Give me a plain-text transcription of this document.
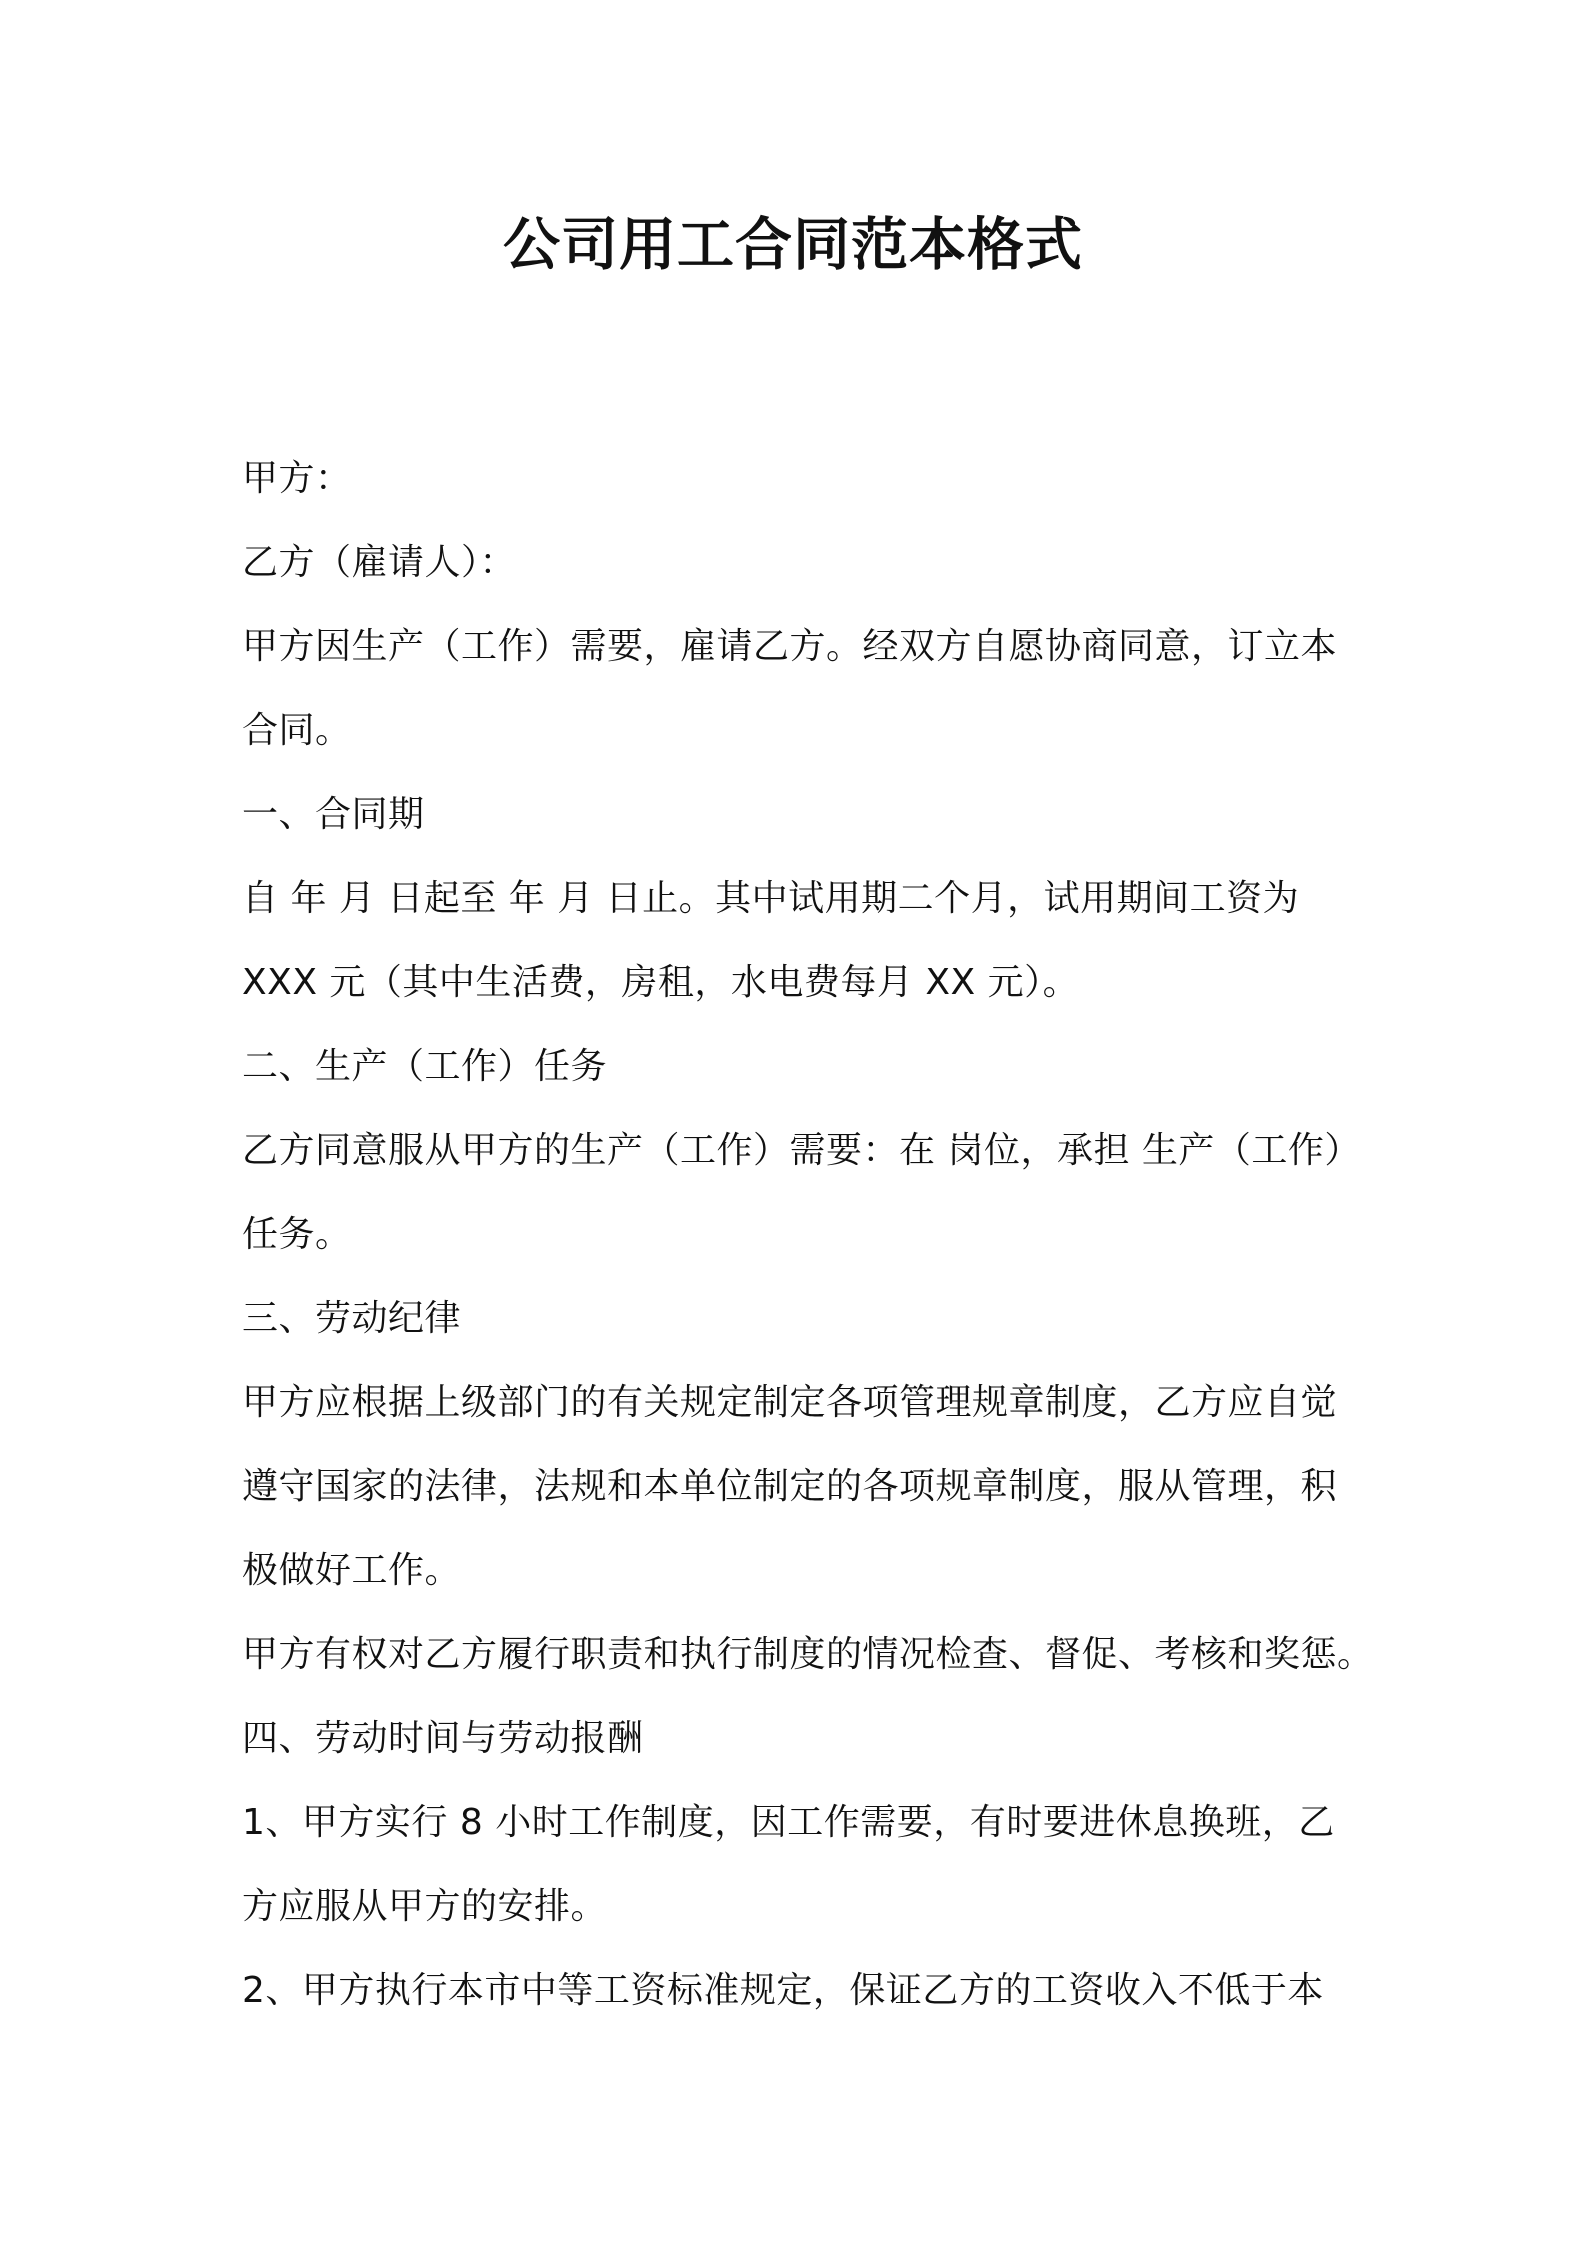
公司用工合同范本格式
甲方：
乙方（雇请人）：
甲方因生产（工作）需要，雇请乙方。经双方自愿协商同意，订立本
合同。
一、合同期
自 年 月 日起至 年 月 日止。其中试用期二个月，试用期间工资为
XXX 元（其中生活费，房租，水电费每月 XX 元）。
二、生产（工作）任务
乙方同意服从甲方的生产（工作）需要：在 岗位，承担 生产（工作）
任务。
三、劳动纪律
甲方应根据上级部门的有关规定制定各项管理规章制度，乙方应自觉
遵守国家的法律，法规和本单位制定的各项规章制度，服从管理，积
极做好工作。
甲方有权对乙方履行职责和执行制度的情况检查、督促、考核和奖惩。
四、劳动时间与劳动报酬
1、甲方实行 8 小时工作制度，因工作需要，有时要进休息换班，乙
方应服从甲方的安排。
2、甲方执行本市中等工资标准规定，保证乙方的工资收入不低于本
